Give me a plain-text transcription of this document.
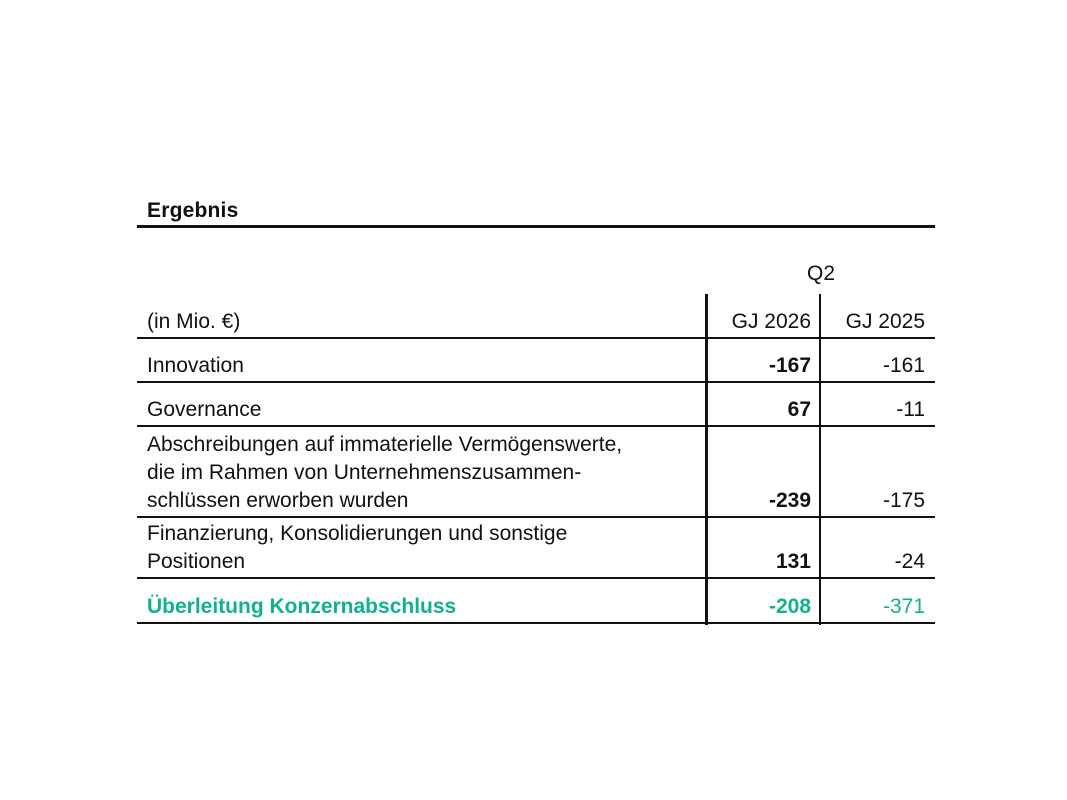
Ergebnis
Q2
(in Mio. €)	GJ 2026	GJ 2025
Innovation	-167	-161
Governance	67	-11
Abschreibungen auf immaterielle Vermögenswerte,
die im Rahmen von Unternehmenszusammen-
schlüssen erworben wurden	-239	-175
Finanzierung, Konsolidierungen und sonstige
Positionen	131	-24
Überleitung Konzernabschluss	-208	-371
